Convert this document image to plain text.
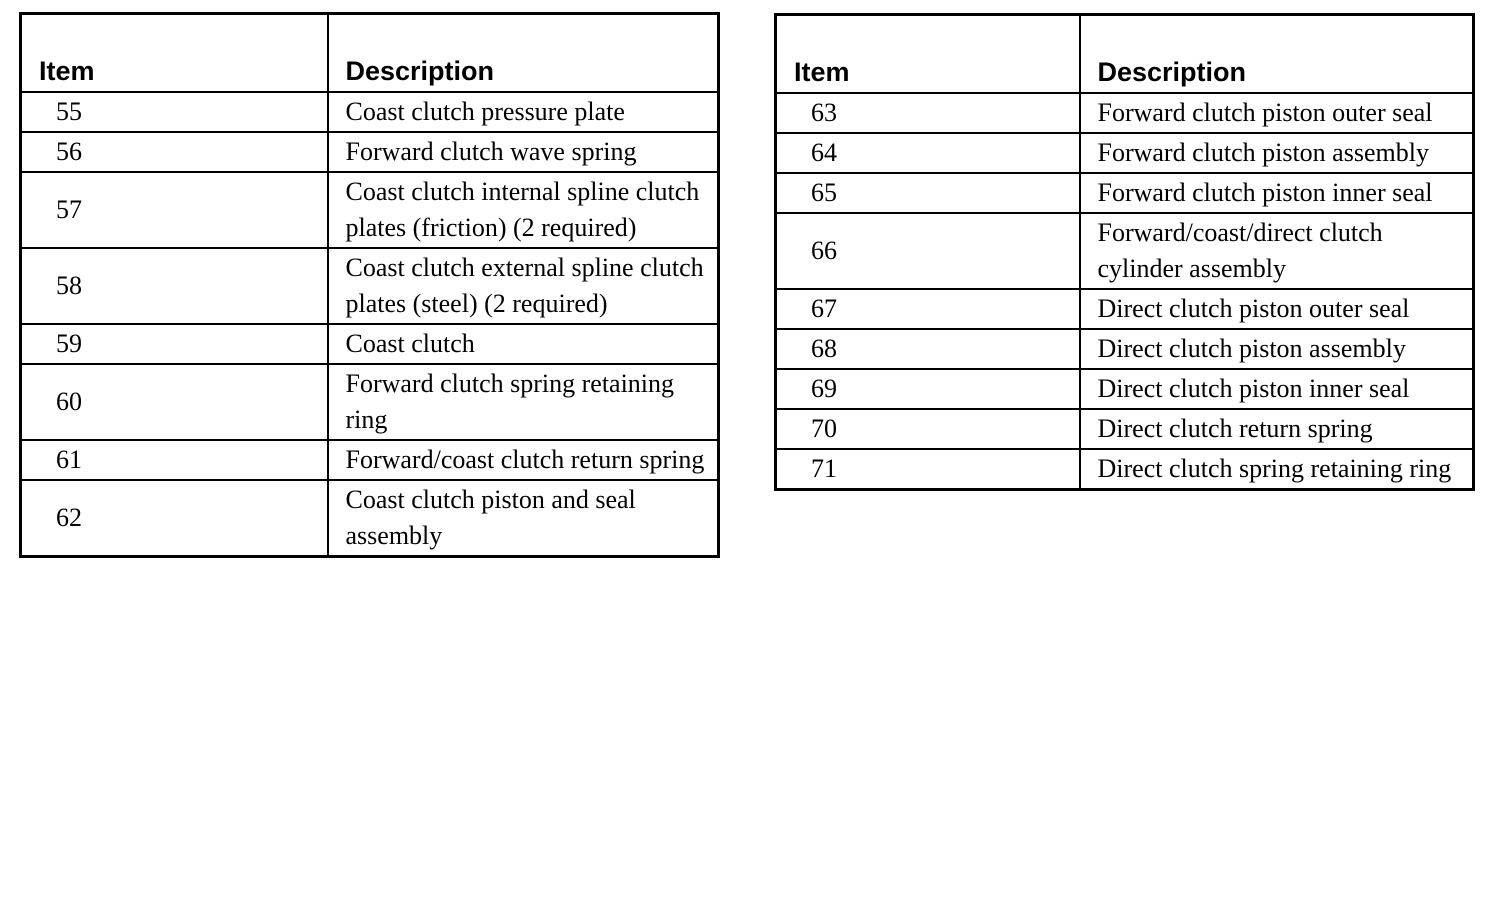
Item	Description
55	Coast clutch pressure plate
56	Forward clutch wave spring
57	Coast clutch internal spline clutch plates (friction) (2 required)
58	Coast clutch external spline clutch plates (steel) (2 required)
59	Coast clutch
60	Forward clutch spring retaining ring
61	Forward/coast clutch return spring
62	Coast clutch piston and seal assembly
Item	Description
63	Forward clutch piston outer seal
64	Forward clutch piston assembly
65	Forward clutch piston inner seal
66	Forward/coast/direct clutch cylinder assembly
67	Direct clutch piston outer seal
68	Direct clutch piston assembly
69	Direct clutch piston inner seal
70	Direct clutch return spring
71	Direct clutch spring retaining ring
